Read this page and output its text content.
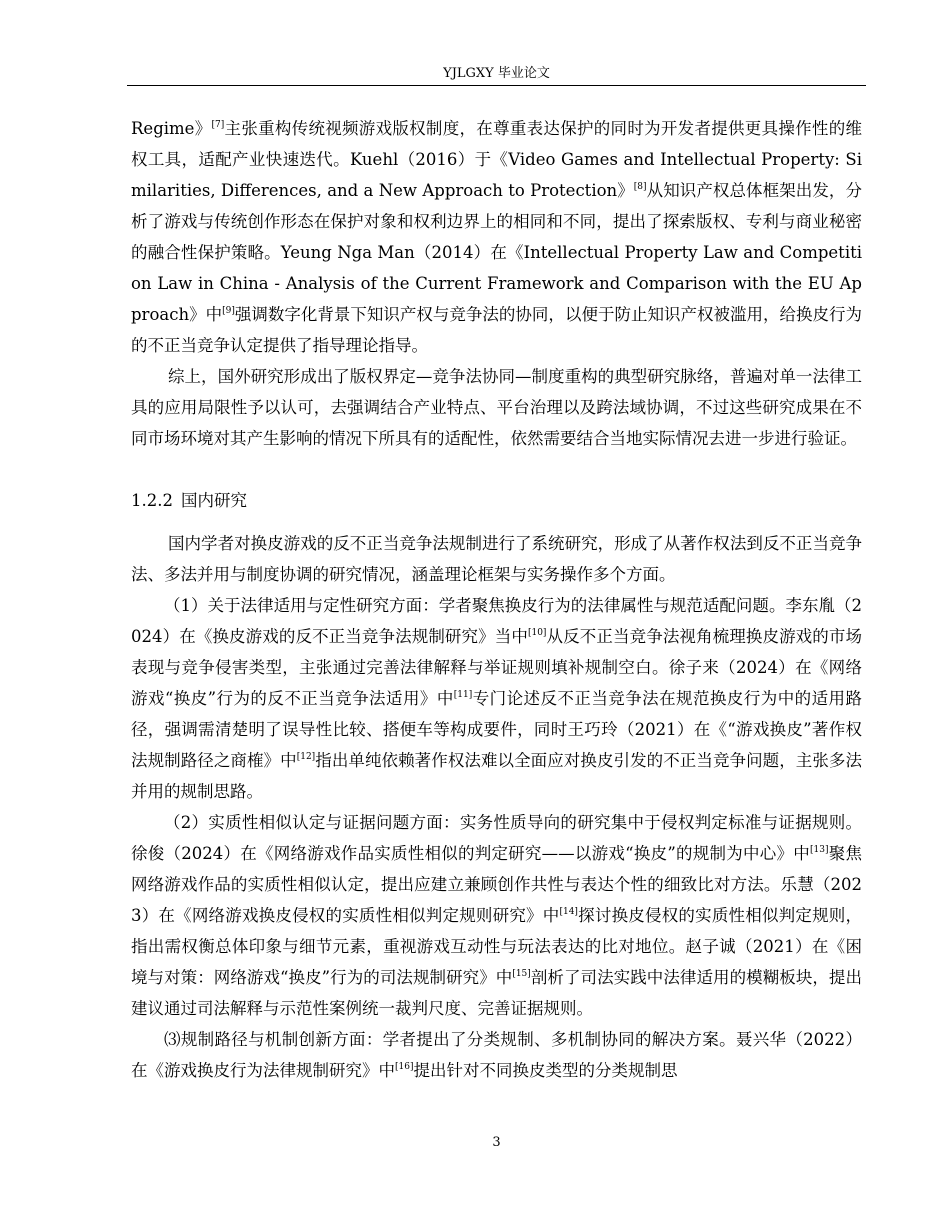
YJLGXY 毕业论文

Regime》[7]主张重构传统视频游戏版权制度，在尊重表达保护的同时为开发者提供更具操作性的维权工具，适配产业快速迭代。Kuehl（2016）于《Video Games and Intellectual Property: Similarities, Differences, and a New Approach to Protection》[8]从知识产权总体框架出发，分析了游戏与传统创作形态在保护对象和权利边界上的相同和不同，提出了探索版权、专利与商业秘密的融合性保护策略。Yeung Nga Man（2014）在《Intellectual Property Law and Competition Law in China - Analysis of the Current Framework and Comparison with the EU Approach》中[9]强调数字化背景下知识产权与竞争法的协同，以便于防止知识产权被滥用，给换皮行为的不正当竞争认定提供了指导理论指导。

综上，国外研究形成出了版权界定—竞争法协同—制度重构的典型研究脉络，普遍对单一法律工具的应用局限性予以认可，去强调结合产业特点、平台治理以及跨法域协调，不过这些研究成果在不同市场环境对其产生影响的情况下所具有的适配性，依然需要结合当地实际情况去进一步进行验证。

1.2.2 国内研究

国内学者对换皮游戏的反不正当竞争法规制进行了系统研究，形成了从著作权法到反不正当竞争法、多法并用与制度协调的研究情况，涵盖理论框架与实务操作多个方面。

（1）关于法律适用与定性研究方面：学者聚焦换皮行为的法律属性与规范适配问题。李东胤（2024）在《换皮游戏的反不正当竞争法规制研究》当中[10]从反不正当竞争法视角梳理换皮游戏的市场表现与竞争侵害类型，主张通过完善法律解释与举证规则填补规制空白。徐子来（2024）在《网络游戏“换皮”行为的反不正当竞争法适用》中[11]专门论述反不正当竞争法在规范换皮行为中的适用路径，强调需清楚明了误导性比较、搭便车等构成要件，同时王巧玲（2021）在《“游戏换皮”著作权法规制路径之商榷》中[12]指出单纯依赖著作权法难以全面应对换皮引发的不正当竞争问题，主张多法并用的规制思路。

（2）实质性相似认定与证据问题方面：实务性质导向的研究集中于侵权判定标准与证据规则。徐俊（2024）在《网络游戏作品实质性相似的判定研究——以游戏“换皮”的规制为中心》中[13]聚焦网络游戏作品的实质性相似认定，提出应建立兼顾创作共性与表达个性的细致比对方法。乐慧（2023）在《网络游戏换皮侵权的实质性相似判定规则研究》中[14]探讨换皮侵权的实质性相似判定规则，指出需权衡总体印象与细节元素，重视游戏互动性与玩法表达的比对地位。赵子诚（2021）在《困境与对策：网络游戏“换皮”行为的司法规制研究》中[15]剖析了司法实践中法律适用的模糊板块，提出建议通过司法解释与示范性案例统一裁判尺度、完善证据规则。

⑶规制路径与机制创新方面：学者提出了分类规制、多机制协同的解决方案。聂兴华（2022）在《游戏换皮行为法律规制研究》中[16]提出针对不同换皮类型的分类规制思

3
